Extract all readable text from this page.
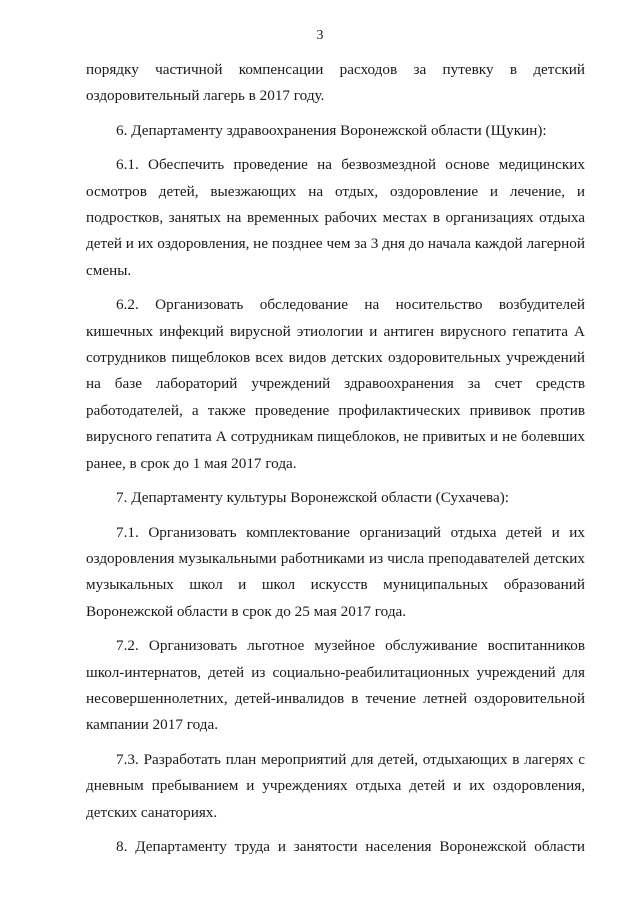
3

порядку частичной компенсации расходов за путевку в детский оздоровительный лагерь в 2017 году.

6. Департаменту здравоохранения Воронежской области (Щукин):

6.1. Обеспечить проведение на безвозмездной основе медицинских осмотров детей, выезжающих на отдых, оздоровление и лечение, и подростков, занятых на временных рабочих местах в организациях отдыха детей и их оздоровления, не позднее чем за 3 дня до начала каждой лагерной смены.

6.2. Организовать обследование на носительство возбудителей кишечных инфекций вирусной этиологии и антиген вирусного гепатита А сотрудников пищеблоков всех видов детских оздоровительных учреждений на базе лабораторий учреждений здравоохранения за счет средств работодателей, а также проведение профилактических прививок против вирусного гепатита А сотрудникам пищеблоков, не привитых и не болевших ранее, в срок до 1 мая 2017 года.

7. Департаменту культуры Воронежской области (Сухачева):

7.1. Организовать комплектование организаций отдыха детей и их оздоровления музыкальными работниками из числа преподавателей детских музыкальных школ и школ искусств муниципальных образований Воронежской области в срок до 25 мая 2017 года.

7.2. Организовать льготное музейное обслуживание воспитанников школ-интернатов, детей из социально-реабилитационных учреждений для несовершеннолетних, детей-инвалидов в течение летней оздоровительной кампании 2017 года.

7.3. Разработать план мероприятий для детей, отдыхающих в лагерях с дневным пребыванием и учреждениях отдыха детей и их оздоровления, детских санаториях.

8. Департаменту труда и занятости населения Воронежской области
